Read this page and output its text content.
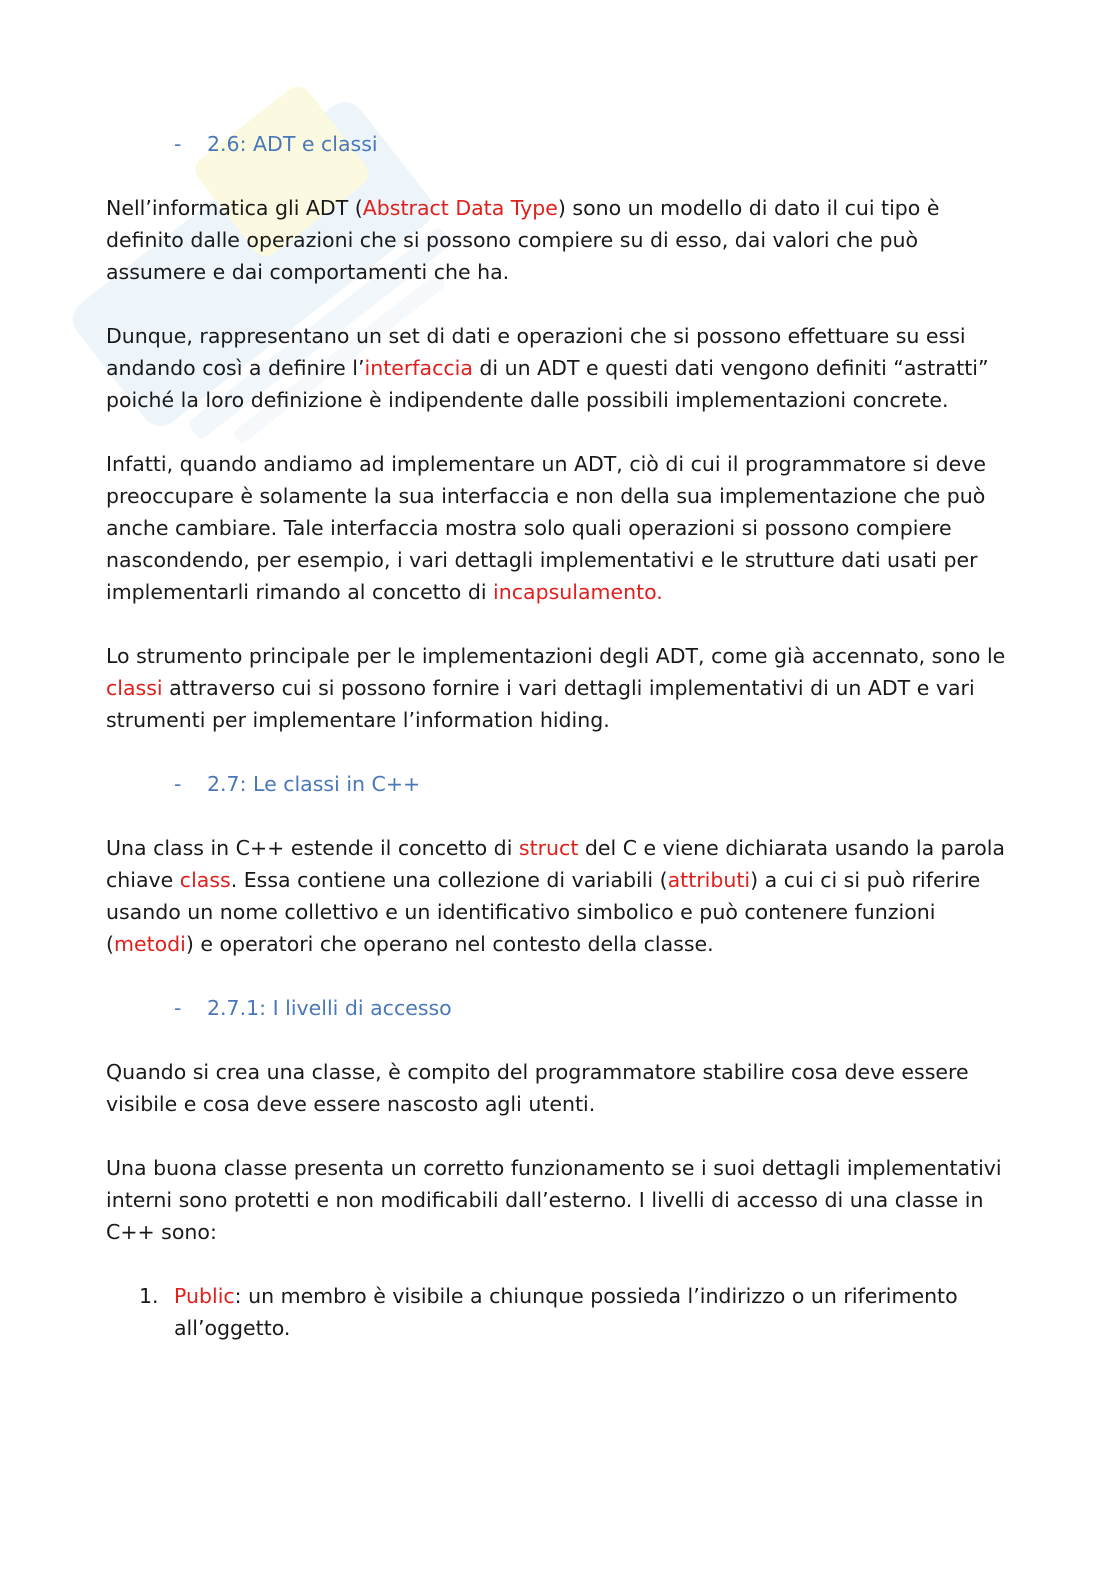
- 2.6: ADT e classi

Nell’informatica gli ADT (Abstract Data Type) sono un modello di dato il cui tipo è definito dalle operazioni che si possono compiere su di esso, dai valori che può assumere e dai comportamenti che ha.

Dunque, rappresentano un set di dati e operazioni che si possono effettuare su essi andando così a definire l’interfaccia di un ADT e questi dati vengono definiti “astratti” poiché la loro definizione è indipendente dalle possibili implementazioni concrete.

Infatti, quando andiamo ad implementare un ADT, ciò di cui il programmatore si deve preoccupare è solamente la sua interfaccia e non della sua implementazione che può anche cambiare. Tale interfaccia mostra solo quali operazioni si possono compiere nascondendo, per esempio, i vari dettagli implementativi e le strutture dati usati per implementarli rimando al concetto di incapsulamento.

Lo strumento principale per le implementazioni degli ADT, come già accennato, sono le classi attraverso cui si possono fornire i vari dettagli implementativi di un ADT e vari strumenti per implementare l’information hiding.

- 2.7: Le classi in C++

Una class in C++ estende il concetto di struct del C e viene dichiarata usando la parola chiave class. Essa contiene una collezione di variabili (attributi) a cui ci si può riferire usando un nome collettivo e un identificativo simbolico e può contenere funzioni (metodi) e operatori che operano nel contesto della classe.

- 2.7.1: I livelli di accesso

Quando si crea una classe, è compito del programmatore stabilire cosa deve essere visibile e cosa deve essere nascosto agli utenti.

Una buona classe presenta un corretto funzionamento se i suoi dettagli implementativi interni sono protetti e non modificabili dall’esterno. I livelli di accesso di una classe in C++ sono:

1. Public: un membro è visibile a chiunque possieda l’indirizzo o un riferimento all’oggetto.
